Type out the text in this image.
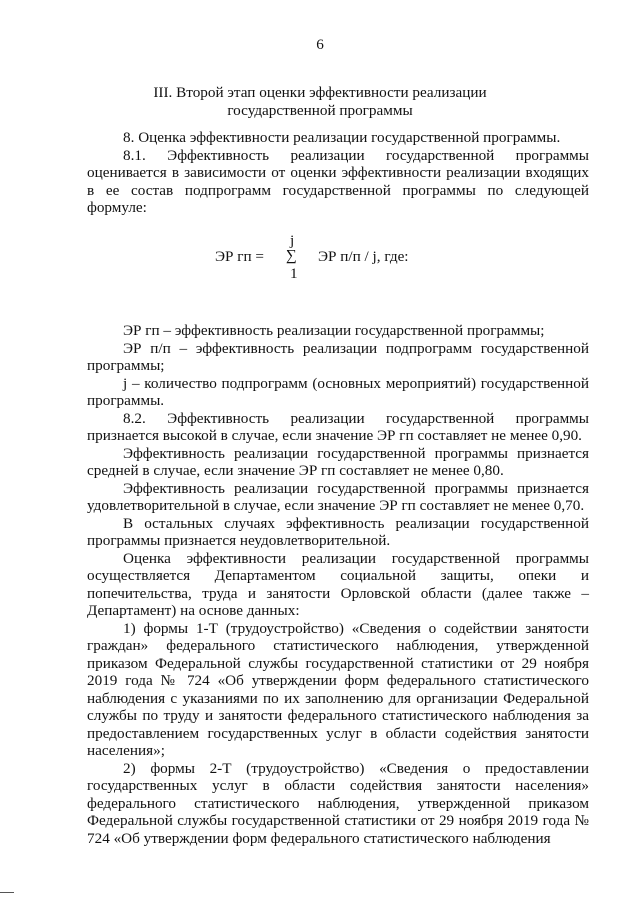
6
III. Второй этап оценки эффективности реализации
государственной программы

8. Оценка эффективности реализации государственной программы.

8.1. Эффективность реализации государственной программы оценивается в зависимости от оценки эффективности реализации входящих в ее состав подпрограмм государственной программы по следующей формуле:

ЭР гп =
j
∑
1
ЭР п/п / j, где:

ЭР гп – эффективность реализации государственной программы;

ЭР п/п – эффективность реализации подпрограмм государственной программы;

j – количество подпрограмм (основных мероприятий) государственной программы.

8.2. Эффективность реализации государственной программы признается высокой в случае, если значение ЭР гп составляет не менее 0,90.

Эффективность реализации государственной программы признается средней в случае, если значение ЭР гп составляет не менее 0,80.

Эффективность реализации государственной программы признается удовлетворительной в случае, если значение ЭР гп составляет не менее 0,70.

В остальных случаях эффективность реализации государственной программы признается неудовлетворительной.

Оценка эффективности реализации государственной программы осуществляется Департаментом социальной защиты, опеки и попечительства, труда и занятости Орловской области (далее также – Департамент) на основе данных:

1) формы 1-Т (трудоустройство) «Сведения о содействии занятости граждан» федерального статистического наблюдения, утвержденной приказом Федеральной службы государственной статистики от 29 ноября 2019 года № 724 «Об утверждении форм федерального статистического наблюдения с указаниями по их заполнению для организации Федеральной службы по труду и занятости федерального статистического наблюдения за предоставлением государственных услуг в области содействия занятости населения»;

2) формы 2-Т (трудоустройство) «Сведения о предоставлении государственных услуг в области содействия занятости населения» федерального статистического наблюдения, утвержденной приказом Федеральной службы государственной статистики от 29 ноября 2019 года № 724 «Об утверждении форм федерального статистического наблюдения
